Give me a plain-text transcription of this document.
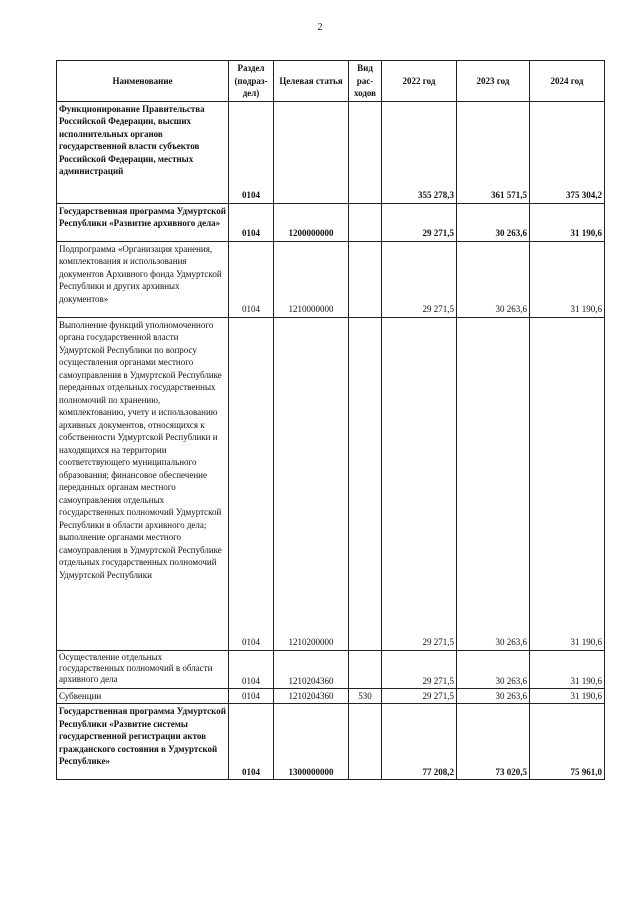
2
Наименование	Раздел (подраз-дел)	Целевая статья	Вид рас-ходов	2022 год	2023 год	2024 год
Функционирование Правительства Российской Федерации, высших исполнительных органов государственной власти субъектов Российской Федерации, местных администраций	0104			355 278,3	361 571,5	375 304,2
Государственная программа Удмуртской Республики «Развитие архивного дела»	0104	1200000000		29 271,5	30 263,6	31 190,6
Подпрограмма «Организация хранения, комплектования и использования документов Архивного фонда Удмуртской Республики и других архивных документов»	0104	1210000000		29 271,5	30 263,6	31 190,6
Выполнение функций уполномоченного органа государственной власти Удмуртской Республики по вопросу осуществления органами местного самоуправления в Удмуртской Республике переданных отдельных государственных полномочий по хранению, комплектованию, учету и использованию архивных документов, относящихся к собственности Удмуртской Республики и находящихся на территории соответствующего муниципального образования; финансовое обеспечение переданных органам местного самоуправления отдельных государственных полномочий Удмуртской Республики в области архивного дела; выполнение органами местного самоуправления в Удмуртской Республике отдельных государственных полномочий Удмуртской Республики	0104	1210200000		29 271,5	30 263,6	31 190,6
Осуществление отдельных государственных полномочий в области архивного дела	0104	1210204360		29 271,5	30 263,6	31 190,6
Субвенции	0104	1210204360	530	29 271,5	30 263,6	31 190,6
Государственная программа Удмуртской Республики «Развитие системы государственной регистрации актов гражданского состояния в Удмуртской Республике»	0104	1300000000		77 208,2	73 020,5	75 961,0
